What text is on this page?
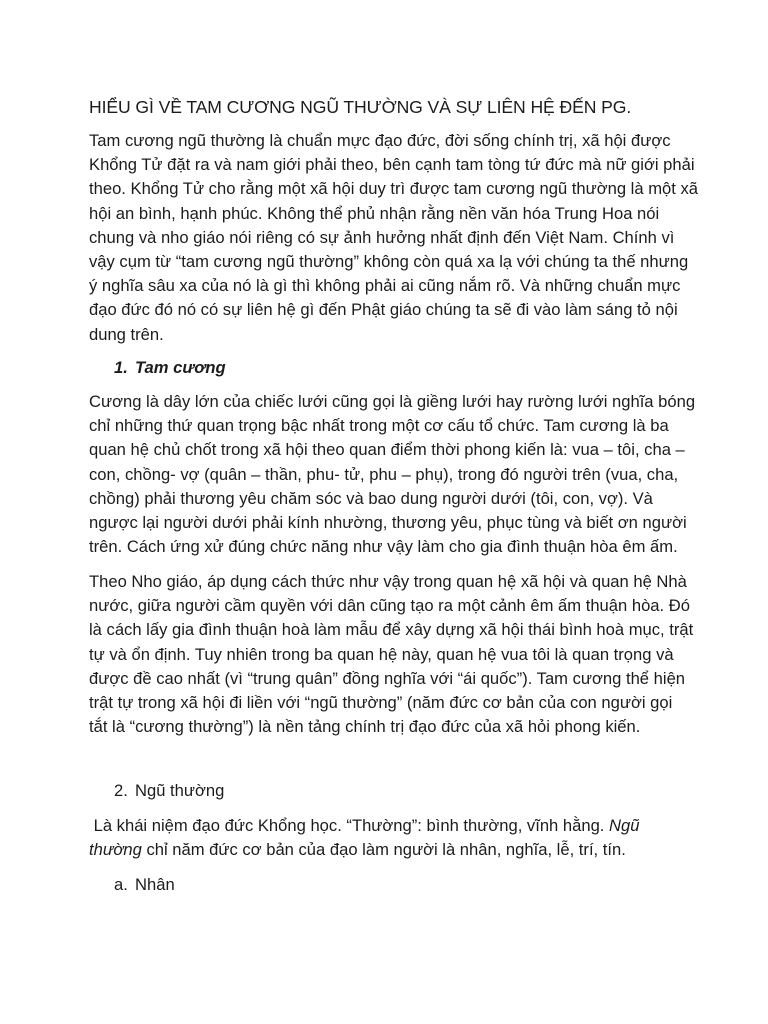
HIỂU GÌ VỀ TAM CƯƠNG NGŨ THƯỜNG VÀ SỰ LIÊN HỆ ĐẾN PG.

Tam cương ngũ thường là chuẩn mực đạo đức, đời sống chính trị, xã hội được
Khổng Tử đặt ra và nam giới phải theo, bên cạnh tam tòng tứ đức mà nữ giới phải
theo. Khổng Tử cho rằng một xã hội duy trì được tam cương ngũ thường là một xã
hội an bình, hạnh phúc. Không thể phủ nhận rằng nền văn hóa Trung Hoa nói
chung và nho giáo nói riêng có sự ảnh hưởng nhất định đến Việt Nam. Chính vì
vậy cụm từ “tam cương ngũ thường” không còn quá xa lạ với chúng ta thế nhưng
ý nghĩa sâu xa của nó là gì thì không phải ai cũng nắm rõ. Và những chuẩn mực
đạo đức đó nó có sự liên hệ gì đến Phật giáo chúng ta sẽ đi vào làm sáng tỏ nội
dung trên.

1. Tam cương

Cương là dây lớn của chiếc lưới cũng gọi là giềng lưới hay rường lưới nghĩa bóng
chỉ những thứ quan trọng bậc nhất trong một cơ cấu tổ chức. Tam cương là ba
quan hệ chủ chốt trong xã hội theo quan điểm thời phong kiến là: vua – tôi, cha –
con, chồng- vợ (quân – thần, phu- tử, phu – phụ), trong đó người trên (vua, cha,
chồng) phải thương yêu chăm sóc và bao dung người dưới (tôi, con, vợ). Và
ngược lại người dưới phải kính nhường, thương yêu, phục tùng và biết ơn người
trên. Cách ứng xử đúng chức năng như vậy làm cho gia đình thuận hòa êm ấm.

Theo Nho giáo, áp dụng cách thức như vậy trong quan hệ xã hội và quan hệ Nhà
nước, giữa người cầm quyền với dân cũng tạo ra một cảnh êm ấm thuận hòa. Đó
là cách lấy gia đình thuận hoà làm mẫu để xây dựng xã hội thái bình hoà mục, trật
tự và ổn định. Tuy nhiên trong ba quan hệ này, quan hệ vua tôi là quan trọng và
được đề cao nhất (vì “trung quân” đồng nghĩa với “ái quốc”). Tam cương thể hiện
trật tự trong xã hội đi liền với “ngũ thường” (năm đức cơ bản của con người gọi
tắt là “cương thường”) là nền tảng chính trị đạo đức của xã hỏi phong kiến.

2. Ngũ thường

Là khái niệm đạo đức Khổng học. “Thường”: bình thường, vĩnh hằng. Ngũ
thường chỉ năm đức cơ bản của đạo làm người là nhân, nghĩa, lễ, trí, tín.

a. Nhân
